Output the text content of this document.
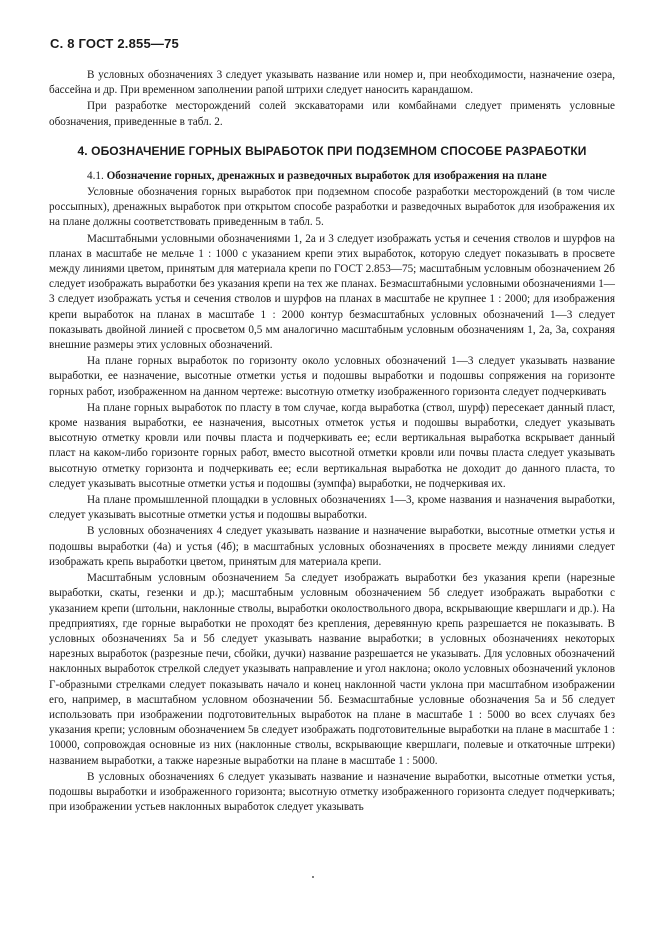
С. 8 ГОСТ 2.855—75

В условных обозначениях 3 следует указывать название или номер и, при необходимости, назначение озера, бассейна и др. При временном заполнении рапой штрихи следует наносить карандашом.

При разработке месторождений солей экскаваторами или комбайнами следует применять условные обозначения, приведенные в табл. 2.

4. ОБОЗНАЧЕНИЕ ГОРНЫХ ВЫРАБОТОК ПРИ ПОДЗЕМНОМ СПОСОБЕ РАЗРАБОТКИ

4.1. Обозначение горных, дренажных и разведочных выработок для изображения на плане

Условные обозначения горных выработок при подземном способе разработки месторождений (в том числе россыпных), дренажных выработок при открытом способе разработки и разведочных выработок для изображения их на плане должны соответствовать приведенным в табл. 5.

Масштабными условными обозначениями 1, 2а и 3 следует изображать устья и сечения стволов и шурфов на планах в масштабе не мельче 1 : 1000 с указанием крепи этих выработок, которую следует показывать в просвете между линиями цветом, принятым для материала крепи по ГОСТ 2.853—75; масштабным условным обозначением 2б следует изображать выработки без указания крепи на тех же планах. Безмасштабными условными обозначениями 1—3 следует изображать устья и сечения стволов и шурфов на планах в масштабе не крупнее 1 : 2000; для изображения крепи выработок на планах в масштабе 1 : 2000 контур безмасштабных условных обозначений 1—3 следует показывать двойной линией с просветом 0,5 мм аналогично масштабным условным обозначениям 1, 2а, 3а, сохраняя внешние размеры этих условных обозначений.

На плане горных выработок по горизонту около условных обозначений 1—3 следует указывать название выработки, ее назначение, высотные отметки устья и подошвы выработки и подошвы сопряжения на горизонте горных работ, изображенном на данном чертеже: высотную отметку изображенного горизонта следует подчеркивать

На плане горных выработок по пласту в том случае, когда выработка (ствол, шурф) пересекает данный пласт, кроме названия выработки, ее назначения, высотных отметок устья и подошвы выработки, следует указывать высотную отметку кровли или почвы пласта и подчеркивать ее; если вертикальная выработка вскрывает данный пласт на каком-либо горизонте горных работ, вместо высотной отметки кровли или почвы пласта следует указывать высотную отметку горизонта и подчеркивать ее; если вертикальная выработка не доходит до данного пласта, то следует указывать высотные отметки устья и подошвы (зумпфа) выработки, не подчеркивая их.

На плане промышленной площадки в условных обозначениях 1—3, кроме названия и назначения выработки, следует указывать высотные отметки устья и подошвы выработки.

В условных обозначениях 4 следует указывать название и назначение выработки, высотные отметки устья и подошвы выработки (4а) и устья (4б); в масштабных условных обозначениях в просвете между линиями следует изображать крепь выработки цветом, принятым для материала крепи.

Масштабным условным обозначением 5а следует изображать выработки без указания крепи (нарезные выработки, скаты, гезенки и др.); масштабным условным обозначением 5б следует изображать выработки с указанием крепи (штольни, наклонные стволы, выработки околоствольного двора, вскрывающие квершлаги и др.). На предприятиях, где горные выработки не проходят без крепления, деревянную крепь разрешается не показывать. В условных обозначениях 5а и 5б следует указывать название выработки; в условных обозначениях некоторых нарезных выработок (разрезные печи, сбойки, дучки) название разрешается не указывать. Для условных обозначений наклонных выработок стрелкой следует указывать направление и угол наклона; около условных обозначений уклонов Г-образными стрелками следует показывать начало и конец наклонной части уклона при масштабном изображении его, например, в масштабном условном обозначении 5б. Безмасштабные условные обозначения 5а и 5б следует использовать при изображении подготовительных выработок на плане в масштабе 1 : 5000 во всех случаях без указания крепи; условным обозначением 5в следует изображать подготовительные выработки на плане в масштабе 1 : 10000, сопровождая основные из них (наклонные стволы, вскрывающие квершлаги, полевые и откаточные штреки) названием выработки, а также нарезные выработки на плане в масштабе 1 : 5000.

В условных обозначениях 6 следует указывать название и назначение выработки, высотные отметки устья, подошвы выработки и изображенного горизонта; высотную отметку изображенного горизонта следует подчеркивать; при изображении устьев наклонных выработок следует указывать
